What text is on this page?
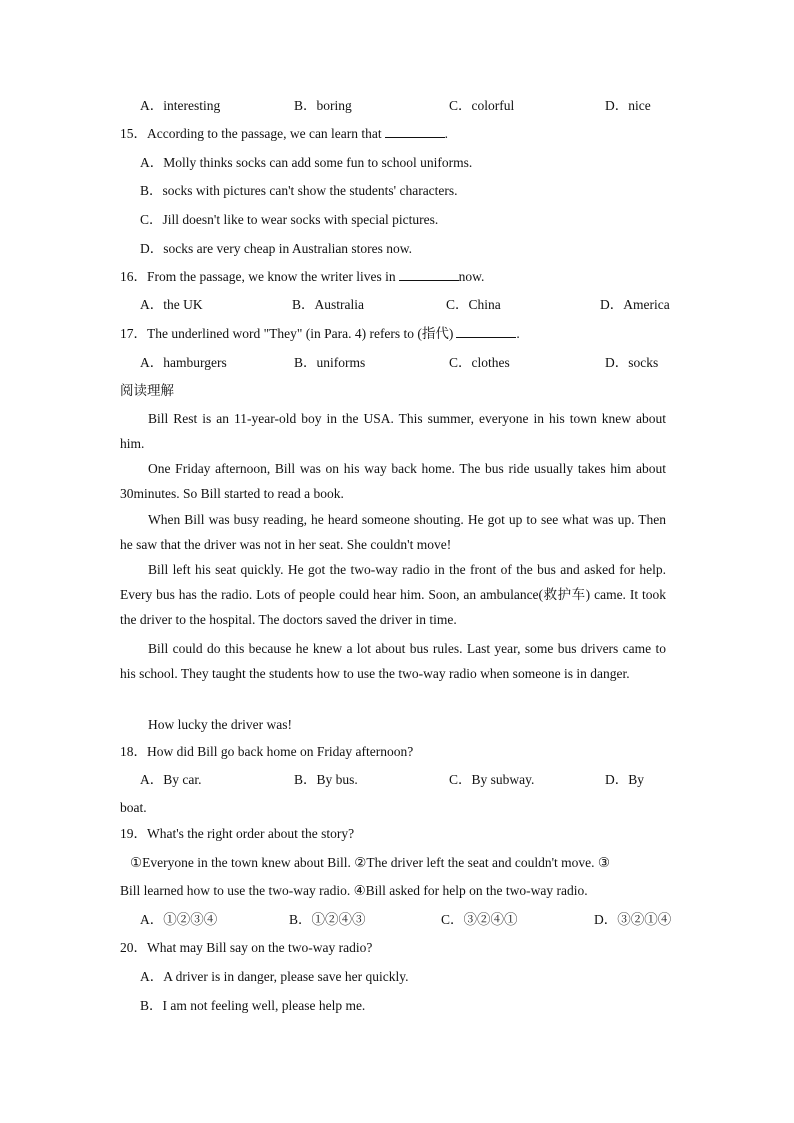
A．interesting	B．boring	C．colorful	D．nice
15．According to the passage, we can learn that	.
A．Molly thinks socks can add some fun to school uniforms.
B．socks with pictures can't show the students' characters.
C．Jill doesn't like to wear socks with special pictures.
D．socks are very cheap in Australian stores now.
16．From the passage, we know the writer lives in	now.
A．the UK	B．Australia	C．China	D．America
17．The underlined word "They" (in Para. 4) refers to (指代)	.
A．hamburgers	B．uniforms	C．clothes	D．socks
阅读理解
Bill Rest is an 11-year-old boy in the USA. This summer, everyone in his town knew about him.
One Friday afternoon, Bill was on his way back home. The bus ride usually takes him about 30minutes. So Bill started to read a book.
When Bill was busy reading, he heard someone shouting. He got up to see what was up. Then he saw that the driver was not in her seat. She couldn't move!
Bill left his seat quickly. He got the two-way radio in the front of the bus and asked for help. Every bus has the radio. Lots of people could hear him. Soon, an ambulance(救护车) came. It took the driver to the hospital. The doctors saved the driver in time.
Bill could do this because he knew a lot about bus rules. Last year, some bus drivers came to his school. They taught the students how to use the two-way radio when someone is in danger.
How lucky the driver was!
18．How did Bill go back home on Friday afternoon?
A．By car.	B．By bus.	C．By subway.	D．By
boat.
19．What's the right order about the story?
①Everyone in the town knew about Bill. ②The driver left the seat and couldn't move. ③
Bill learned how to use the two-way radio. ④Bill asked for help on the two-way radio.
A．①②③④	B．①②④③	C．③②④①	D．③②①④
20．What may Bill say on the two-way radio?
A．A driver is in danger, please save her quickly.
B．I am not feeling well, please help me.
